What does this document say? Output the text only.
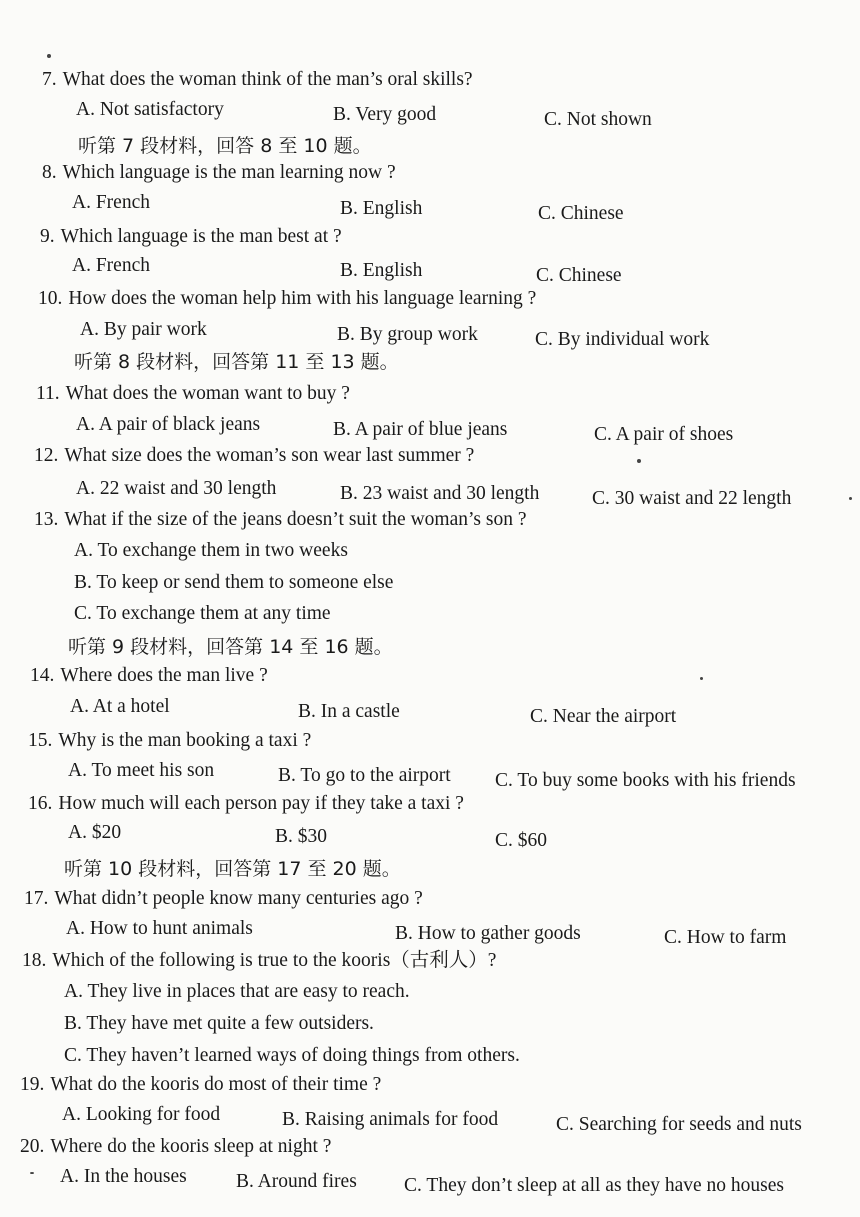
7. What does the woman think of the man’s oral skills?
A. Not satisfactory	B. Very good	C. Not shown
听第 7 段材料，回答 8 至 10 题。
8. Which language is the man learning now ?
A. French	B. English	C. Chinese
9. Which language is the man best at ?
A. French	B. English	C. Chinese
10. How does the woman help him with his language learning ?
A. By pair work	B. By group work	C. By individual work
听第 8 段材料，回答第 11 至 13 题。
11. What does the woman want to buy ?
A. A pair of black jeans	B. A pair of blue jeans	C. A pair of shoes
12. What size does the woman’s son wear last summer ?
A. 22 waist and 30 length	B. 23 waist and 30 length	C. 30 waist and 22 length
13. What if the size of the jeans doesn’t suit the woman’s son ?
A. To exchange them in two weeks
B. To keep or send them to someone else
C. To exchange them at any time
听第 9 段材料，回答第 14 至 16 题。
14. Where does the man live ?
A. At a hotel	B. In a castle	C. Near the airport
15. Why is the man booking a taxi ?
A. To meet his son	B. To go to the airport C. To buy some books with his friends
16. How much will each person pay if they take a taxi ?
A. $20	B. $30	C. $60
听第 10 段材料，回答第 17 至 20 题。
17. What didn’t people know many centuries ago ?
A. How to hunt animals	B. How to gather goods	C. How to farm
18. Which of the following is true to the kooris（古利人）?
A. They live in places that are easy to reach.
B. They have met quite a few outsiders.
C. They haven’t learned ways of doing things from others.
19. What do the kooris do most of their time ?
A. Looking for food	B. Raising animals for food	C. Searching for seeds and nuts
20. Where do the kooris sleep at night ?
A. In the houses	B. Around fires C. They don’t sleep at all as they have no houses
